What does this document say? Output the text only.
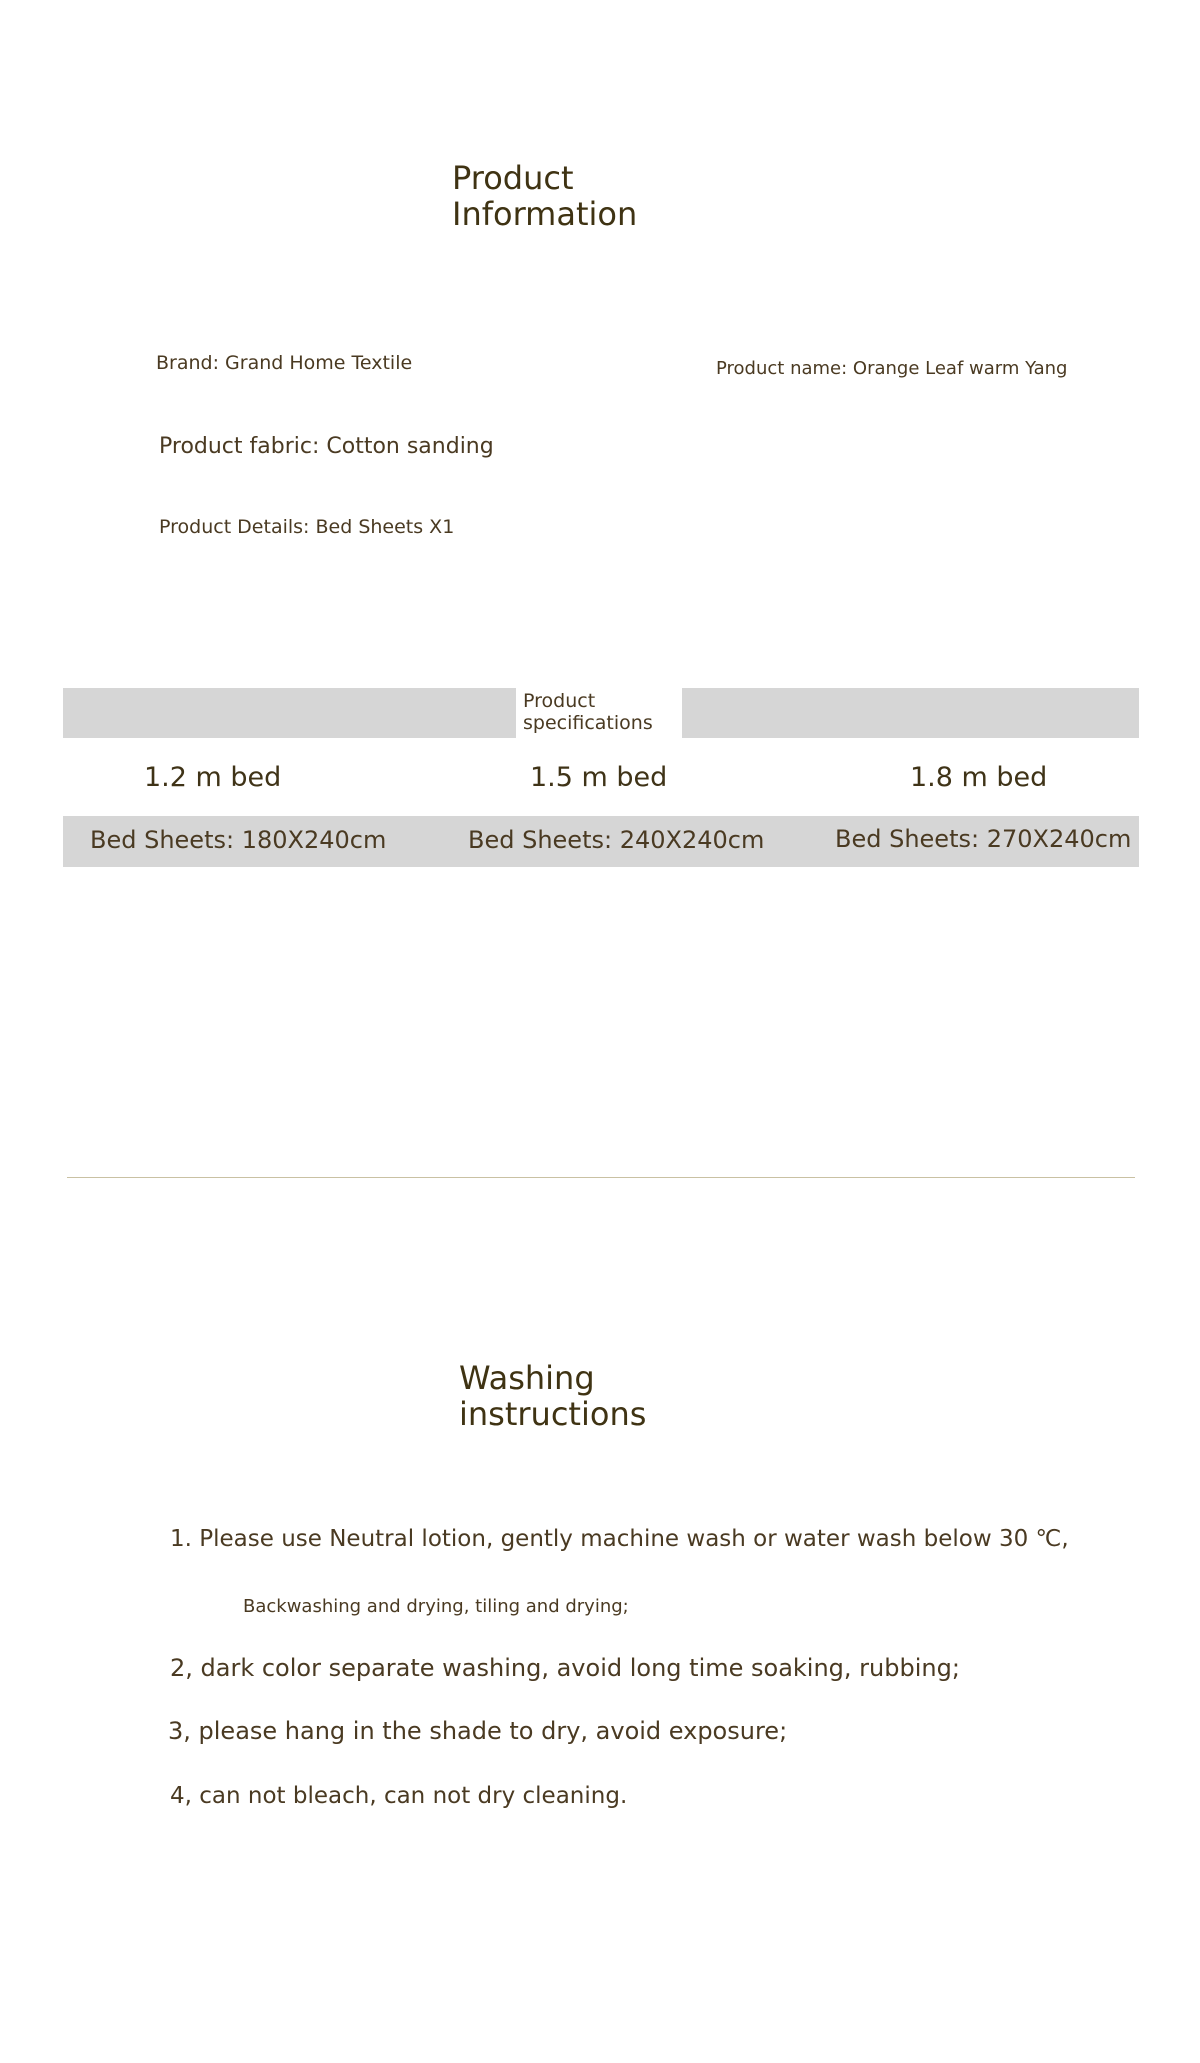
Product Information
Brand: Grand Home Textile	Product name: Orange Leaf warm Yang
Product fabric: Cotton sanding
Product Details: Bed Sheets X1
Product specifications
1.2 m bed	1.5 m bed	1.8 m bed
Bed Sheets: 180X240cm	Bed Sheets: 240X240cm	Bed Sheets: 270X240cm
Washing instructions
1. Please use Neutral lotion, gently machine wash or water wash below 30 ℃,
Backwashing and drying, tiling and drying;
2, dark color separate washing, avoid long time soaking, rubbing;
3, please hang in the shade to dry, avoid exposure;
4, can not bleach, can not dry cleaning.
